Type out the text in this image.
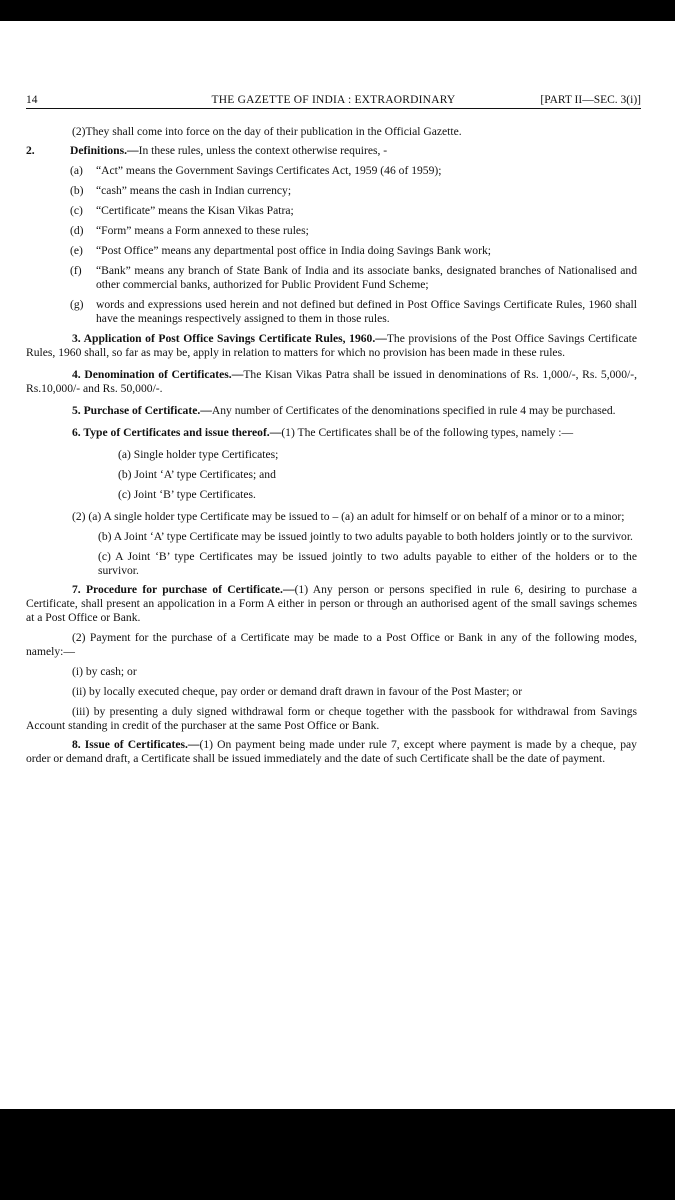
14	THE GAZETTE OF INDIA : EXTRAORDINARY	[PART II—SEC. 3(i)]

(2)They shall come into force on the day of their publication in the Official Gazette.

2.	Definitions.—In these rules, unless the context otherwise requires, -
(a) “Act” means the Government Savings Certificates Act, 1959 (46 of 1959);
(b) “cash” means the cash in Indian currency;
(c) “Certificate” means the Kisan Vikas Patra;
(d) “Form” means a Form annexed to these rules;
(e) “Post Office” means any departmental post office in India doing Savings Bank work;
(f) “Bank” means any branch of State Bank of India and its associate banks, designated branches of Nationalised and other commercial banks, authorized for Public Provident Fund Scheme;
(g) words and expressions used herein and not defined but defined in Post Office Savings Certificate Rules, 1960 shall have the meanings respectively assigned to them in those rules.

3. Application of Post Office Savings Certificate Rules, 1960.—The provisions of the Post Office Savings Certificate Rules, 1960 shall, so far as may be, apply in relation to matters for which no provision has been made in these rules.

4. Denomination of Certificates.—The Kisan Vikas Patra shall be issued in denominations of Rs. 1,000/-, Rs. 5,000/-, Rs.10,000/- and Rs. 50,000/-.

5. Purchase of Certificate.—Any number of Certificates of the denominations specified in rule 4 may be purchased.

6. Type of Certificates and issue thereof.—(1) The Certificates shall be of the following types, namely :—

(a) Single holder type Certificates;

(b) Joint ‘A’ type Certificates; and

(c) Joint ‘B’ type Certificates.

(2) (a) A single holder type Certificate may be issued to – (a) an adult for himself or on behalf of a minor or to a minor;

(b) A Joint ‘A’ type Certificate may be issued jointly to two adults payable to both holders jointly or to the survivor.

(c) A Joint ‘B’ type Certificates may be issued jointly to two adults payable to either of the holders or to the survivor.

7. Procedure for purchase of Certificate.—(1) Any person or persons specified in rule 6, desiring to purchase a Certificate, shall present an appolication in a Form A either in person or through an authorised agent of the small savings schemes at a Post Office or Bank.

(2) Payment for the purchase of a Certificate may be made to a Post Office or Bank in any of the following modes, namely:—

(i) by cash; or

(ii) by locally executed cheque, pay order or demand draft drawn in favour of the Post Master; or

(iii) by presenting a duly signed withdrawal form or cheque together with the passbook for withdrawal from Savings Account standing in credit of the purchaser at the same Post Office or Bank.

8. Issue of Certificates.—(1) On payment being made under rule 7, except where payment is made by a cheque, pay order or demand draft, a Certificate shall be issued immediately and the date of such Certificate shall be the date of payment.
